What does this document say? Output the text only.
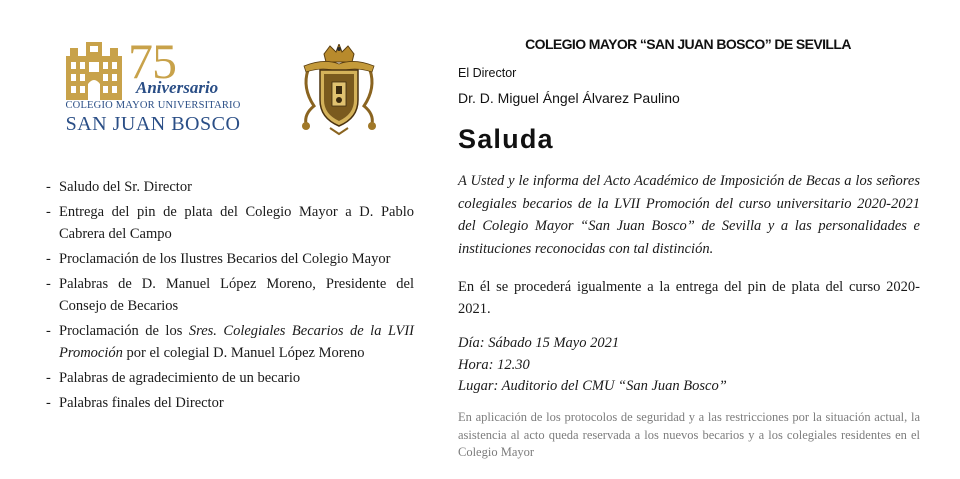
75
Aniversario
COLEGIO MAYOR UNIVERSITARIO
SAN JUAN BOSCO
- Saludo del Sr. Director
- Entrega del pin de plata del Colegio Mayor a D. Pablo Cabrera del Campo
- Proclamación de los Ilustres Becarios del Colegio Mayor
- Palabras de D. Manuel López Moreno, Presidente del Consejo de Becarios
- Proclamación de los Sres. Colegiales Becarios de la LVII Promoción por el colegial D. Manuel López Moreno
- Palabras de agradecimiento de un becario
- Palabras finales del Director
COLEGIO MAYOR “SAN JUAN BOSCO” DE SEVILLA
El Director
Dr. D. Miguel Ángel Álvarez Paulino
Saluda

A Usted y le informa del Acto Académico de Imposición de Becas a los señores colegiales becarios de la LVII Promoción del curso universitario 2020-2021 del Colegio Mayor “San Juan Bosco” de Sevilla y a las personalidades e instituciones reconocidas con tal distinción.

En él se procederá igualmente a la entrega del pin de plata del curso 2020-2021.

Día: Sábado 15 Mayo 2021
Hora: 12.30
Lugar: Auditorio del CMU “San Juan Bosco”

En aplicación de los protocolos de seguridad y a las restricciones por la situación actual, la asistencia al acto queda reservada a los nuevos becarios y a los colegiales residentes en el Colegio Mayor
